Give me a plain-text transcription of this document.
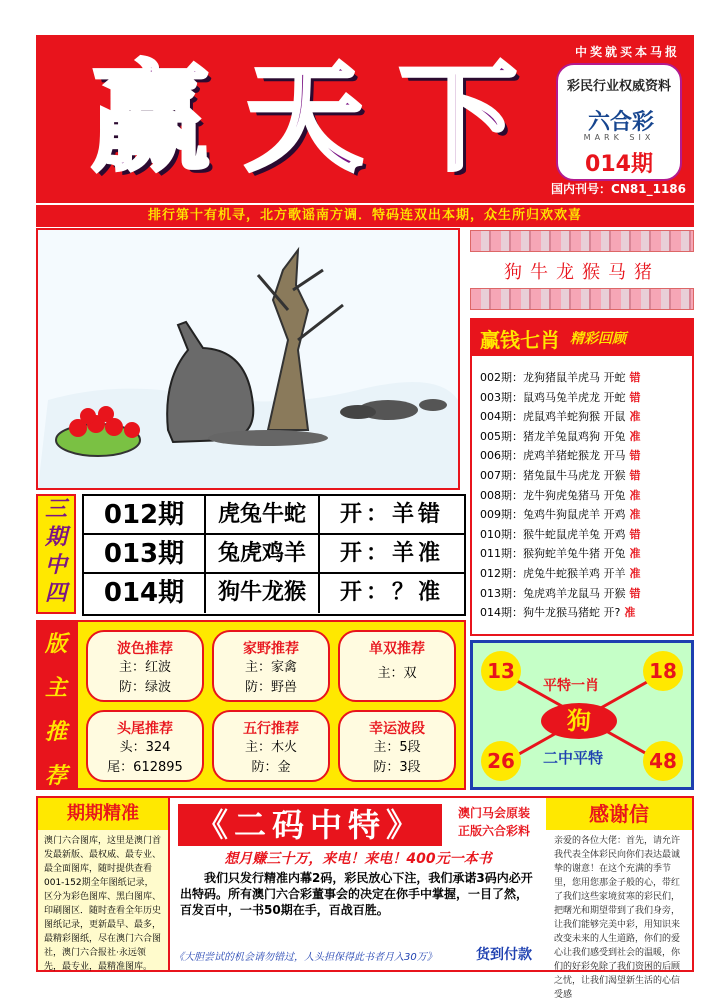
赢天下 中奖就买本马报
彩民行业权威资料
六合彩
MARK SIX
014期
国内刊号：CN81_1186
排行第十有机寻，北方歌谣南方调．特码连双出本期，众生所归欢欢喜
狗牛龙猴马猪
赢钱七肖 精彩回顾
002期：龙狗猪鼠羊虎马 开蛇 错
003期：鼠鸡马兔羊虎龙 开蛇 错
004期：虎鼠鸡羊蛇狗猴 开鼠 准
005期：猪龙羊兔鼠鸡狗 开兔 准
006期：虎鸡羊猪蛇猴龙 开马 错
007期：猪兔鼠牛马虎龙 开猴 错
008期：龙牛狗虎兔猪马 开兔 准
009期：兔鸡牛狗鼠虎羊 开鸡 准
010期：猴牛蛇鼠虎羊兔 开鸡 错
011期：猴狗蛇羊兔牛猪 开兔 准
012期：虎兔牛蛇猴羊鸡 开羊 准
013期：兔虎鸡羊龙鼠马 开猴 错
014期：狗牛龙猴马猪蛇 开? 准
三
期
中
四
012期	虎兔牛蛇	开：羊错
013期	兔虎鸡羊	开：羊准
014期	狗牛龙猴	开：？准
版
主
推
荐
波色推荐
主：红波
防：绿波
家野推荐
主：家禽
防：野兽
单双推荐
主：双
头尾推荐
头：324
尾：612895
五行推荐
主：木火
防：金
幸运波段
主：5段
防：3段
13	18
26	48
平特一肖
狗
二中平特
期期精准
澳门六合图库，这里是澳门首发最新版、最权威、最专业、最全面图库，随时提供查看001-152期全年图纸记录，区分为彩色图库、黑白图库、印刷图区．随时查看全年历史图纸记录，更新最早、最多，最精彩图纸，尽在澳门六合图社，澳门六合报社·永远领先，最专业，最精准图库。
《二码中特》	澳门马会原装
正版六合彩料
想月赚三十万，来电！来电！400元一本书
我们只发行精准内幕2码，彩民放心下注，我们承诺3码内必开出特码。所有澳门六合彩董事会的决定在你手中掌握，一目了然，百发百中，一书50期在手，百战百胜。
《大胆尝试的机会请勿错过，人头担保得此书者月入30万》	货到付款
感谢信
亲爱的各位大佬：首先，请允许我代表全体彩民向你们表达最诚挚的谢意！在这个充满的季节里，您用您那金子般的心，带红了我们这些家境贫寒的彩民们，把曙光和期望带到了我们身旁，让我们能够完美中彩，用知识来改变未来的人生道路，你们的爱心让我们感受到社会的温暖，你们的好彩免除了我们资困的后顾之忧，让我们渴望新生活的心信受感
